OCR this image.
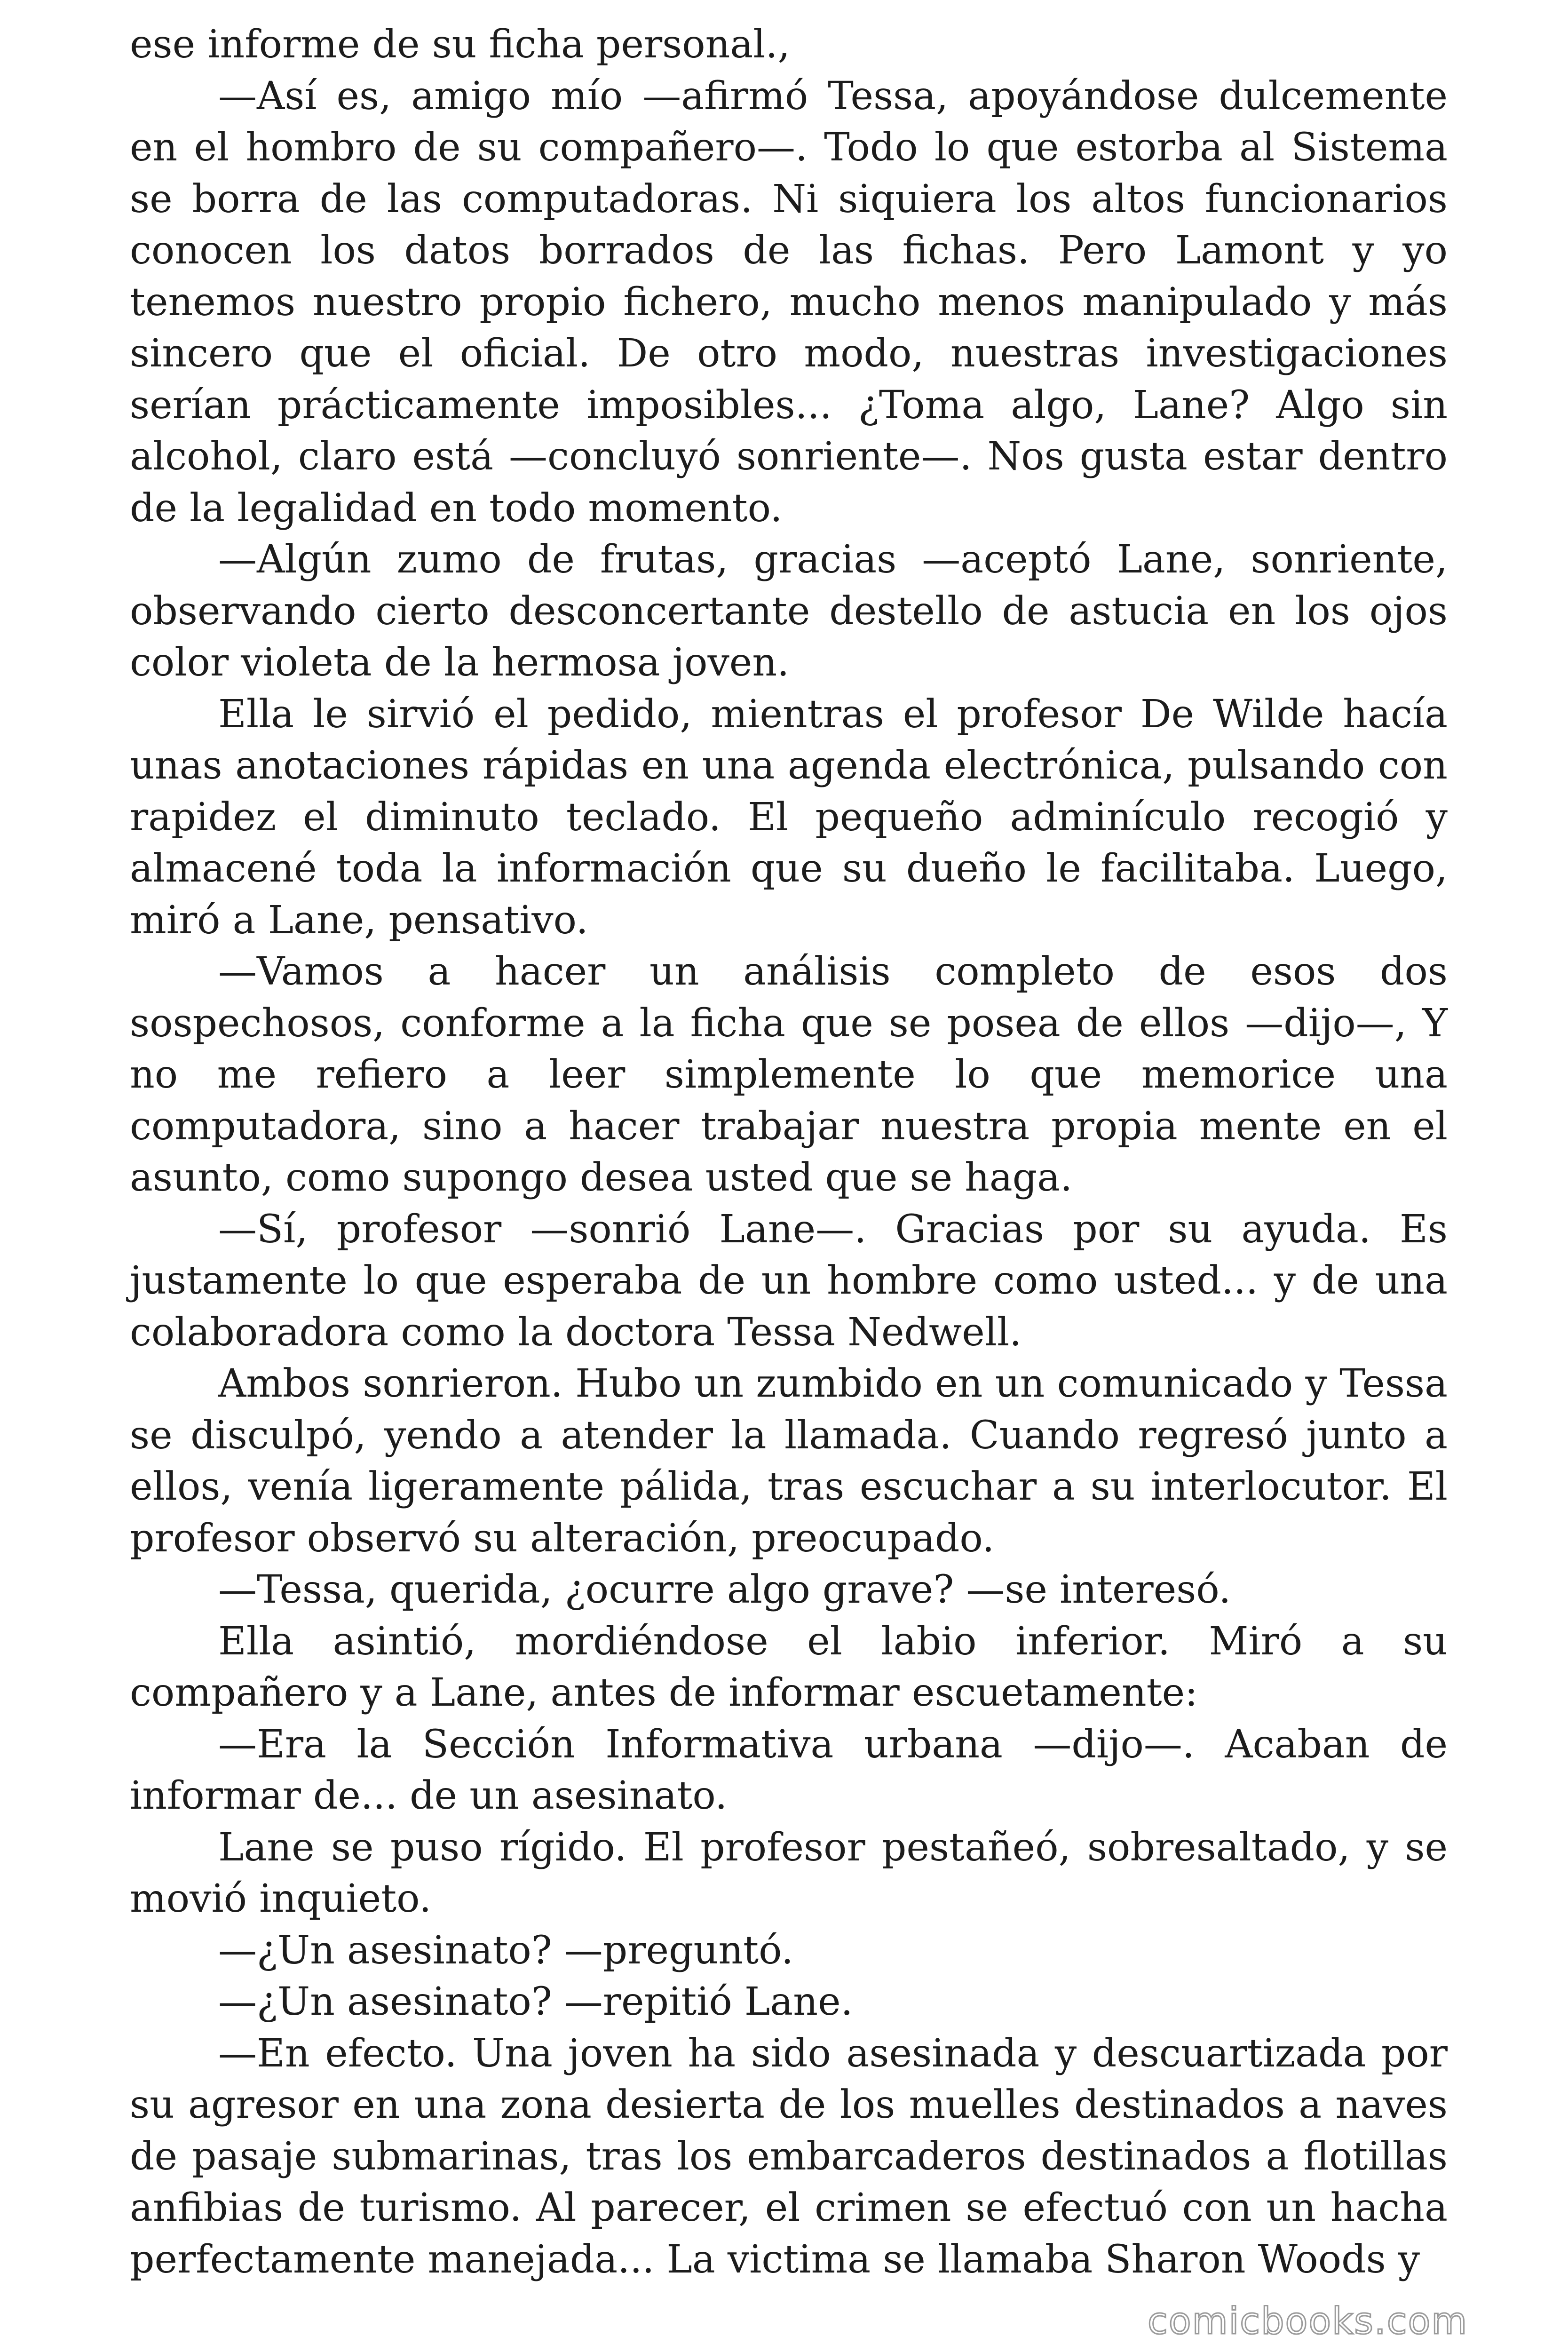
ese informe de su ficha personal.,

—Así es, amigo mío —afirmó Tessa, apoyándose dulcemente en el hombro de su compañero—. Todo lo que estorba al Sistema se borra de las computadoras. Ni siquiera los altos funcionarios conocen los datos borrados de las fichas. Pero Lamont y yo tenemos nuestro propio fichero, mucho menos manipulado y más sincero que el oficial. De otro modo, nuestras investigaciones serían prácticamente imposibles... ¿Toma algo, Lane? Algo sin alcohol, claro está —concluyó sonriente—. Nos gusta estar dentro de la legalidad en todo momento.

—Algún zumo de frutas, gracias —aceptó Lane, sonriente, observando cierto desconcertante destello de astucia en los ojos color violeta de la hermosa joven.

Ella le sirvió el pedido, mientras el profesor De Wilde hacía unas anotaciones rápidas en una agenda electrónica, pulsando con rapidez el diminuto teclado. El pequeño adminículo recogió y almacené toda la información que su dueño le facilitaba. Luego, miró a Lane, pensativo.

—Vamos a hacer un análisis completo de esos dos sospechosos, conforme a la ficha que se posea de ellos —dijo—, Y no me refiero a leer simplemente lo que memorice una computadora, sino a hacer trabajar nuestra propia mente en el asunto, como supongo desea usted que se haga.

—Sí, profesor —sonrió Lane—. Gracias por su ayuda. Es justamente lo que esperaba de un hombre como usted... y de una colaboradora como la doctora Tessa Nedwell.

Ambos sonrieron. Hubo un zumbido en un comunicado y Tessa se disculpó, yendo a atender la llamada. Cuando regresó junto a ellos, venía ligeramente pálida, tras escuchar a su interlocutor. El profesor observó su alteración, preocupado.

—Tessa, querida, ¿ocurre algo grave? —se interesó.

Ella asintió, mordiéndose el labio inferior. Miró a su compañero y a Lane, antes de informar escuetamente:

—Era la Sección Informativa urbana —dijo—. Acaban de informar de... de un asesinato.

Lane se puso rígido. El profesor pestañeó, sobresaltado, y se movió inquieto.

—¿Un asesinato? —preguntó.

—¿Un asesinato? —repitió Lane.

—En efecto. Una joven ha sido asesinada y descuartizada por su agresor en una zona desierta de los muelles destinados a naves de pasaje submarinas, tras los embarcaderos destinados a flotillas anfibias de turismo. Al parecer, el crimen se efectuó con un hacha perfectamente manejada... La victima se llamaba Sharon Woods y

comicbooks.com
